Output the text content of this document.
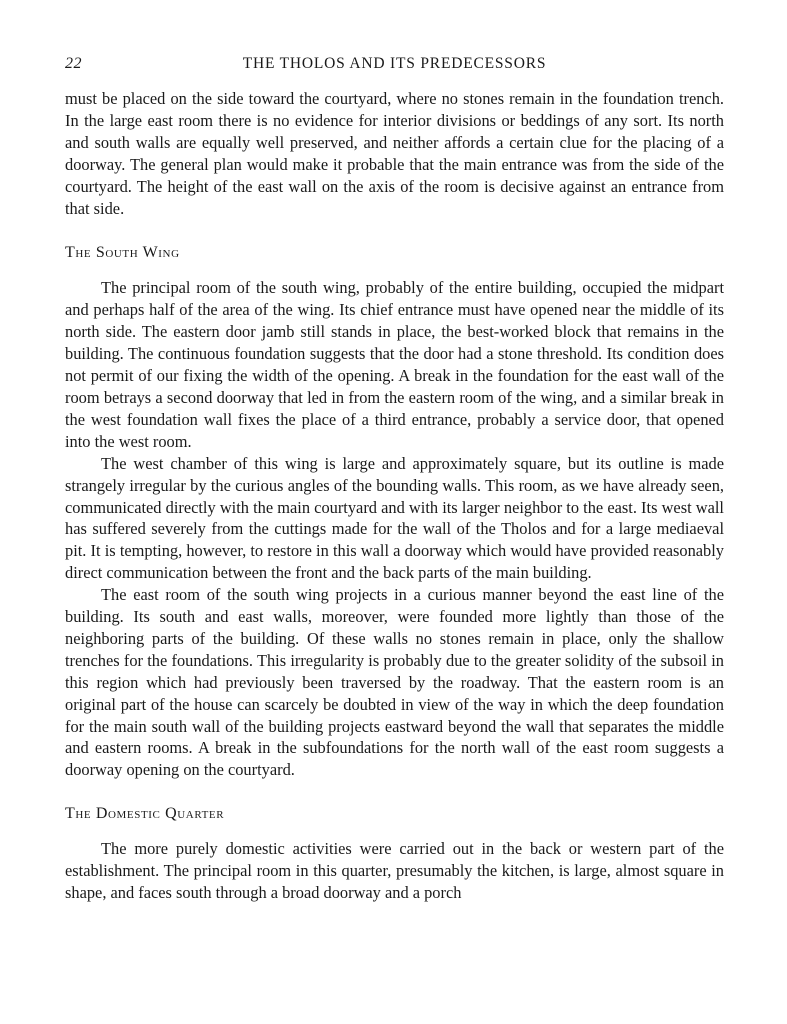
22	THE THOLOS AND ITS PREDECESSORS

must be placed on the side toward the courtyard, where no stones remain in the foundation trench. In the large east room there is no evidence for interior divisions or beddings of any sort. Its north and south walls are equally well preserved, and neither affords a certain clue for the placing of a doorway. The general plan would make it probable that the main entrance was from the side of the courtyard. The height of the east wall on the axis of the room is decisive against an entrance from that side.

The South Wing

The principal room of the south wing, probably of the entire building, occupied the midpart and perhaps half of the area of the wing. Its chief entrance must have opened near the middle of its north side. The eastern door jamb still stands in place, the best-worked block that remains in the building. The continuous foundation suggests that the door had a stone threshold. Its condition does not permit of our fixing the width of the opening. A break in the foundation for the east wall of the room betrays a second doorway that led in from the eastern room of the wing, and a similar break in the west foundation wall fixes the place of a third entrance, probably a service door, that opened into the west room.

The west chamber of this wing is large and approximately square, but its outline is made strangely irregular by the curious angles of the bounding walls. This room, as we have already seen, communicated directly with the main courtyard and with its larger neighbor to the east. Its west wall has suffered severely from the cuttings made for the wall of the Tholos and for a large mediaeval pit. It is tempting, however, to restore in this wall a doorway which would have provided reasonably direct communication between the front and the back parts of the main building.

The east room of the south wing projects in a curious manner beyond the east line of the building. Its south and east walls, moreover, were founded more lightly than those of the neighboring parts of the building. Of these walls no stones remain in place, only the shallow trenches for the foundations. This irregularity is probably due to the greater solidity of the subsoil in this region which had previously been traversed by the roadway. That the eastern room is an original part of the house can scarcely be doubted in view of the way in which the deep foundation for the main south wall of the building projects eastward beyond the wall that separates the middle and eastern rooms. A break in the subfoundations for the north wall of the east room suggests a doorway opening on the courtyard.

The Domestic Quarter

The more purely domestic activities were carried out in the back or western part of the establishment. The principal room in this quarter, presumably the kitchen, is large, almost square in shape, and faces south through a broad doorway and a porch
